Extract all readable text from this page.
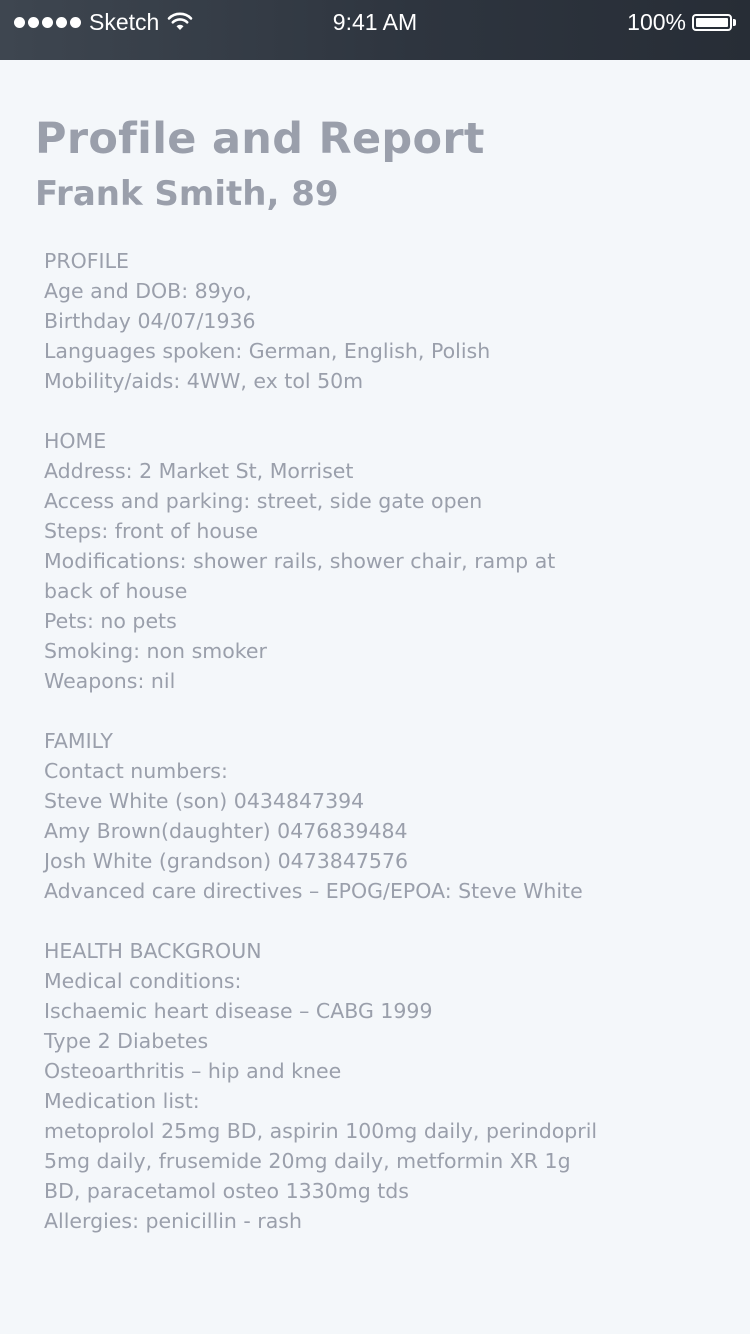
Sketch	9:41 AM	100%
Profile and Report
Frank Smith, 89
PROFILE
Age and DOB: 89yo,
Birthday 04/07/1936
Languages spoken: German, English, Polish
Mobility/aids: 4WW, ex tol 50m
HOME
Address: 2 Market St, Morriset
Access and parking: street, side gate open
Steps: front of house
Modifications: shower rails, shower chair, ramp at
back of house
Pets: no pets
Smoking: non smoker
Weapons: nil
FAMILY
Contact numbers:
Steve White (son) 0434847394
Amy Brown(daughter) 0476839484
Josh White (grandson) 0473847576
Advanced care directives – EPOG/EPOA: Steve White
HEALTH BACKGROUN
Medical conditions:
Ischaemic heart disease – CABG 1999
Type 2 Diabetes
Osteoarthritis – hip and knee
Medication list:
metoprolol 25mg BD, aspirin 100mg daily, perindopril
5mg daily, frusemide 20mg daily, metformin XR 1g
BD, paracetamol osteo 1330mg tds
Allergies: penicillin - rash
